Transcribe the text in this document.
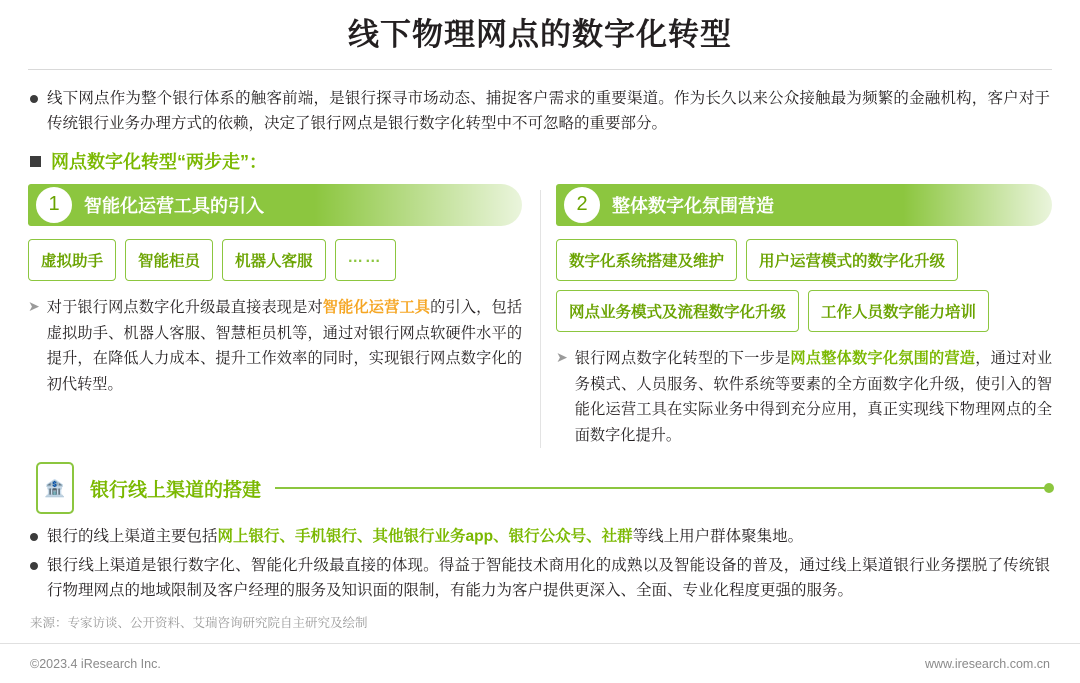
线下物理网点的数字化转型
线下网点作为整个银行体系的触客前端，是银行探寻市场动态、捕捉客户需求的重要渠道。作为长久以来公众接触最为频繁的金融机构，客户对于传统银行业务办理方式的依赖，决定了银行网点是银行数字化转型中不可忽略的重要部分。
网点数字化转型“两步走”：
1	智能化运营工具的引入
虚拟助手	智能柜员	机器人客服	……
➤ 对于银行网点数字化升级最直接表现是对智能化运营工具的引入，包括虚拟助手、机器人客服、智慧柜员机等，通过对银行网点软硬件水平的提升，在降低人力成本、提升工作效率的同时，实现银行网点数字化的初代转型。
2	整体数字化氛围营造
数字化系统搭建及维护	用户运营模式的数字化升级
网点业务模式及流程数字化升级	工作人员数字能力培训
➤ 银行网点数字化转型的下一步是网点整体数字化氛围的营造，通过对业务模式、人员服务、软件系统等要素的全方面数字化升级，使引入的智能化运营工具在实际业务中得到充分应用，真正实现线下物理网点的全面数字化提升。
🏦 银行线上渠道的搭建
银行的线上渠道主要包括网上银行、手机银行、其他银行业务app、银行公众号、社群等线上用户群体聚集地。
银行线上渠道是银行数字化、智能化升级最直接的体现。得益于智能技术商用化的成熟以及智能设备的普及，通过线上渠道银行业务摆脱了传统银行物理网点的地域限制及客户经理的服务及知识面的限制，有能力为客户提供更深入、全面、专业化程度更强的服务。
来源：专家访谈、公开资料、艾瑞咨询研究院自主研究及绘制
©2023.4 iResearch Inc.	www.iresearch.com.cn
